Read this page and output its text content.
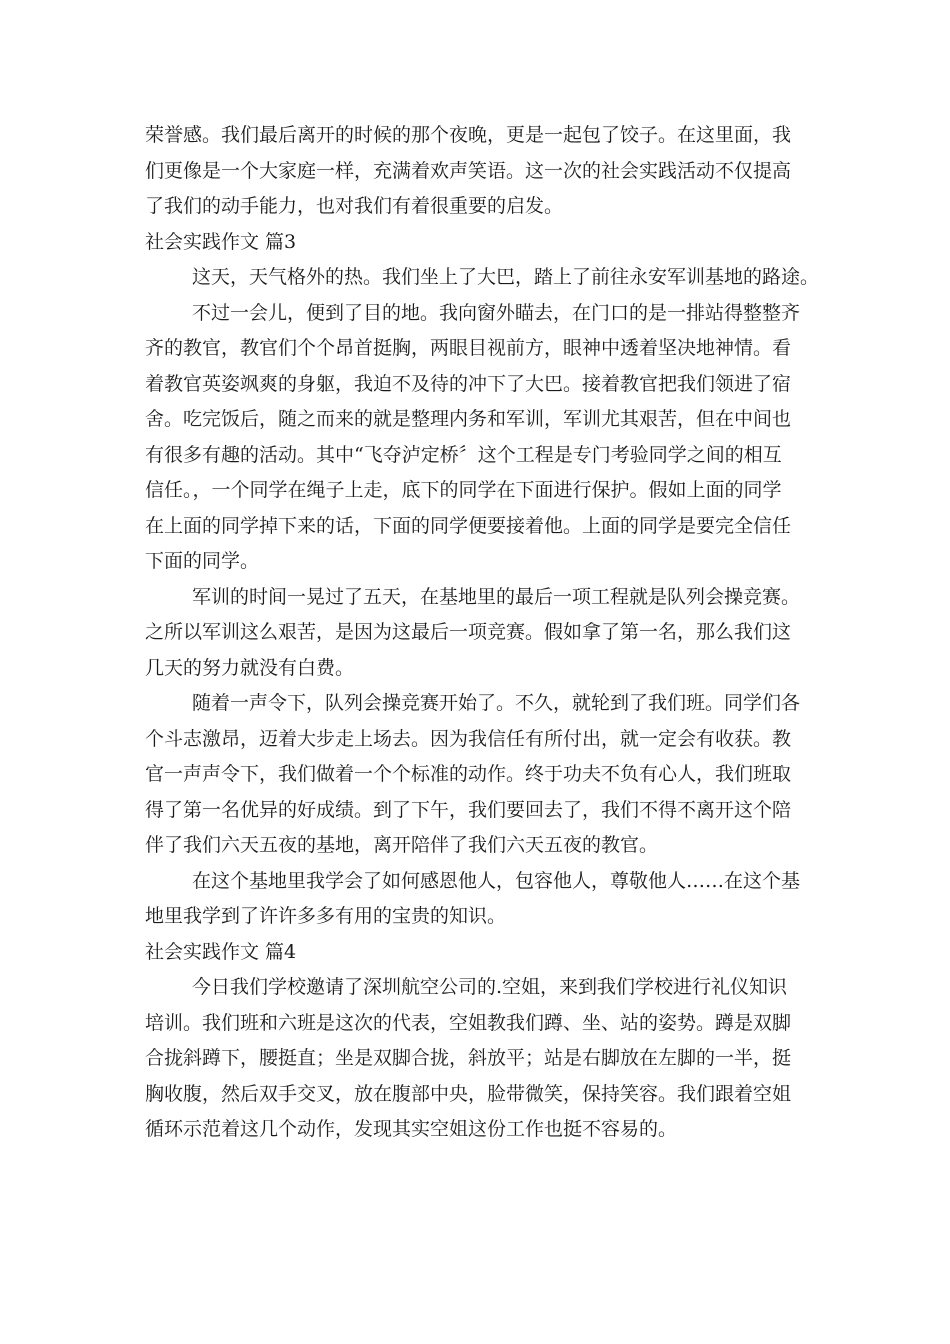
荣誉感。我们最后离开的时候的那个夜晚，更是一起包了饺子。在这里面，我
们更像是一个大家庭一样，充满着欢声笑语。这一次的社会实践活动不仅提高
了我们的动手能力，也对我们有着很重要的启发。
社会实践作文 篇3
这天，天气格外的热。我们坐上了大巴，踏上了前往永安军训基地的路途。
不过一会儿，便到了目的地。我向窗外瞄去，在门口的是一排站得整整齐
齐的教官，教官们个个昂首挺胸，两眼目视前方，眼神中透着坚决地神情。看
着教官英姿飒爽的身躯，我迫不及待的冲下了大巴。接着教官把我们领进了宿
舍。吃完饭后，随之而来的就是整理内务和军训，军训尤其艰苦，但在中间也
有很多有趣的活动。其中“飞夺泸定桥〞这个工程是专门考验同学之间的相互
信任。，一个同学在绳子上走，底下的同学在下面进行保护。假如上面的同学
在上面的同学掉下来的话，下面的同学便要接着他。上面的同学是要完全信任
下面的同学。
军训的时间一晃过了五天，在基地里的最后一项工程就是队列会操竞赛。
之所以军训这么艰苦，是因为这最后一项竞赛。假如拿了第一名，那么我们这
几天的努力就没有白费。
随着一声令下，队列会操竞赛开始了。不久，就轮到了我们班。同学们各
个斗志激昂，迈着大步走上场去。因为我信任有所付出，就一定会有收获。教
官一声声令下，我们做着一个个标准的动作。终于功夫不负有心人，我们班取
得了第一名优异的好成绩。到了下午，我们要回去了，我们不得不离开这个陪
伴了我们六天五夜的基地，离开陪伴了我们六天五夜的教官。
在这个基地里我学会了如何感恩他人，包容他人，尊敬他人……在这个基
地里我学到了许许多多有用的宝贵的知识。
社会实践作文 篇4
今日我们学校邀请了深圳航空公司的.空姐，来到我们学校进行礼仪知识
培训。我们班和六班是这次的代表，空姐教我们蹲、坐、站的姿势。蹲是双脚
合拢斜蹲下，腰挺直；坐是双脚合拢，斜放平；站是右脚放在左脚的一半，挺
胸收腹，然后双手交叉，放在腹部中央，脸带微笑，保持笑容。我们跟着空姐
循环示范着这几个动作，发现其实空姐这份工作也挺不容易的。
